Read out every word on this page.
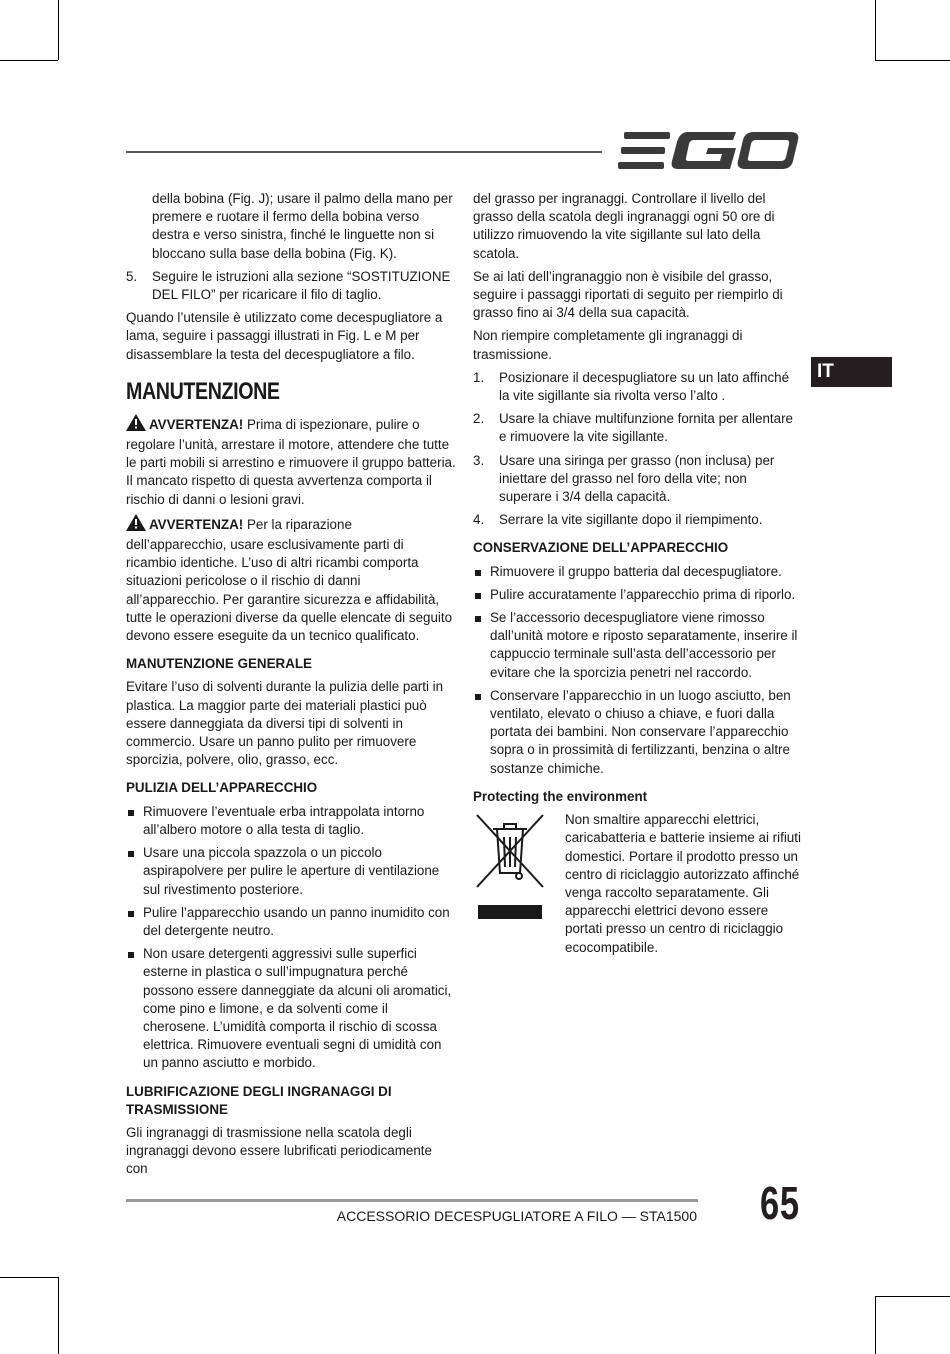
IT

della bobina (Fig. J); usare il palmo della mano per premere e ruotare il fermo della bobina verso destra e verso sinistra, finché le linguette non si bloccano sulla base della bobina (Fig. K).

5. Seguire le istruzioni alla sezione “SOSTITUZIONE DEL FILO” per ricaricare il filo di taglio.

Quando l’utensile è utilizzato come decespugliatore a lama, seguire i passaggi illustrati in Fig. L e M per disassemblare la testa del decespugliatore a filo.

MANUTENZIONE

AVVERTENZA! Prima di ispezionare, pulire o regolare l’unità, arrestare il motore, attendere che tutte le parti mobili si arrestino e rimuovere il gruppo batteria. Il mancato rispetto di questa avvertenza comporta il rischio di danni o lesioni gravi.

AVVERTENZA! Per la riparazione dell’apparecchio, usare esclusivamente parti di ricambio identiche. L’uso di altri ricambi comporta situazioni pericolose o il rischio di danni all’apparecchio. Per garantire sicurezza e affidabilità, tutte le operazioni diverse da quelle elencate di seguito devono essere eseguite da un tecnico qualificato.

MANUTENZIONE GENERALE

Evitare l’uso di solventi durante la pulizia delle parti in plastica. La maggior parte dei materiali plastici può essere danneggiata da diversi tipi di solventi in commercio. Usare un panno pulito per rimuovere sporcizia, polvere, olio, grasso, ecc.

PULIZIA DELL’APPARECCHIO
Rimuovere l’eventuale erba intrappolata intorno all’albero motore o alla testa di taglio.
Usare una piccola spazzola o un piccolo aspirapolvere per pulire le aperture di ventilazione sul rivestimento posteriore.
Pulire l’apparecchio usando un panno inumidito con del detergente neutro.
Non usare detergenti aggressivi sulle superfici esterne in plastica o sull’impugnatura perché possono essere danneggiate da alcuni oli aromatici, come pino e limone, e da solventi come il cherosene. L’umidità comporta il rischio di scossa elettrica. Rimuovere eventuali segni di umidità con un panno asciutto e morbido.
LUBRIFICAZIONE DEGLI INGRANAGGI DI TRASMISSIONE

Gli ingranaggi di trasmissione nella scatola degli ingranaggi devono essere lubrificati periodicamente con

del grasso per ingranaggi. Controllare il livello del grasso della scatola degli ingranaggi ogni 50 ore di utilizzo rimuovendo la vite sigillante sul lato della scatola.

Se ai lati dell’ingranaggio non è visibile del grasso, seguire i passaggi riportati di seguito per riempirlo di grasso fino ai 3/4 della sua capacità.

Non riempire completamente gli ingranaggi di trasmissione.

1. Posizionare il decespugliatore su un lato affinché la vite sigillante sia rivolta verso l’alto .
2. Usare la chiave multifunzione fornita per allentare e rimuovere la vite sigillante.
3. Usare una siringa per grasso (non inclusa) per iniettare del grasso nel foro della vite; non superare i 3/4 della capacità.
4. Serrare la vite sigillante dopo il riempimento.
CONSERVAZIONE DELL’APPARECCHIO
Rimuovere il gruppo batteria dal decespugliatore.
Pulire accuratamente l’apparecchio prima di riporlo.
Se l’accessorio decespugliatore viene rimosso dall’unità motore e riposto separatamente, inserire il cappuccio terminale sull’asta dell’accessorio per evitare che la sporcizia penetri nel raccordo.
Conservare l’apparecchio in un luogo asciutto, ben ventilato, elevato o chiuso a chiave, e fuori dalla portata dei bambini. Non conservare l’apparecchio sopra o in prossimità di fertilizzanti, benzina o altre sostanze chimiche.
Protecting the environment

Non smaltire apparecchi elettrici, caricabatteria e batterie insieme ai rifiuti domestici. Portare il prodotto presso un centro di riciclaggio autorizzato affinché venga raccolto separatamente. Gli apparecchi elettrici devono essere portati presso un centro di riciclaggio ecocompatibile.

ACCESSORIO DECESPUGLIATORE A FILO — STA1500 65
